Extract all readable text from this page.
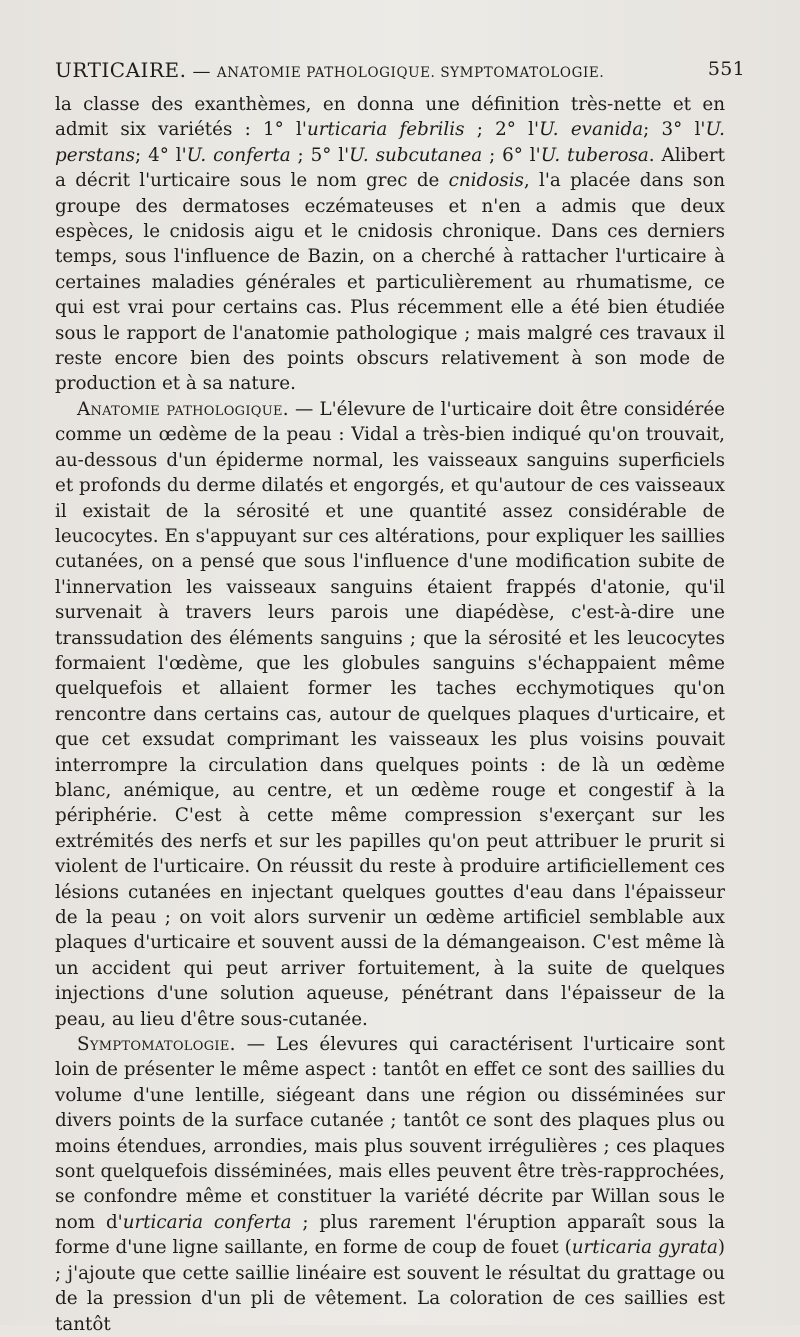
URTICAIRE. — ANATOMIE PATHOLOGIQUE. SYMPTOMATOLOGIE.	551

la classe des exanthèmes, en donna une définition très-nette et en admit six variétés : 1° l'urticaria febrilis ; 2° l'U. evanida; 3° l'U. perstans; 4° l'U. conferta ; 5° l'U. subcutanea ; 6° l'U. tuberosa. Alibert a décrit l'urticaire sous le nom grec de cnidosis, l'a placée dans son groupe des dermatoses eczémateuses et n'en a admis que deux espèces, le cnidosis aigu et le cnidosis chronique. Dans ces derniers temps, sous l'influence de Bazin, on a cherché à rattacher l'urticaire à certaines maladies générales et particulièrement au rhumatisme, ce qui est vrai pour certains cas. Plus récemment elle a été bien étudiée sous le rapport de l'anatomie pathologique ; mais malgré ces travaux il reste encore bien des points obscurs relativement à son mode de production et à sa nature.

Anatomie pathologique. — L'élevure de l'urticaire doit être considérée comme un œdème de la peau : Vidal a très-bien indiqué qu'on trouvait, au-dessous d'un épiderme normal, les vaisseaux sanguins superficiels et profonds du derme dilatés et engorgés, et qu'autour de ces vaisseaux il existait de la sérosité et une quantité assez considérable de leucocytes. En s'appuyant sur ces altérations, pour expliquer les saillies cutanées, on a pensé que sous l'influence d'une modification subite de l'innervation les vaisseaux sanguins étaient frappés d'atonie, qu'il survenait à travers leurs parois une diapédèse, c'est-à-dire une transsudation des éléments sanguins ; que la sérosité et les leucocytes formaient l'œdème, que les globules sanguins s'échappaient même quelquefois et allaient former les taches ecchymotiques qu'on rencontre dans certains cas, autour de quelques plaques d'urticaire, et que cet exsudat comprimant les vaisseaux les plus voisins pouvait interrompre la circulation dans quelques points : de là un œdème blanc, anémique, au centre, et un œdème rouge et congestif à la périphérie. C'est à cette même compression s'exerçant sur les extrémités des nerfs et sur les papilles qu'on peut attribuer le prurit si violent de l'urticaire. On réussit du reste à produire artificiellement ces lésions cutanées en injectant quelques gouttes d'eau dans l'épaisseur de la peau ; on voit alors survenir un œdème artificiel semblable aux plaques d'urticaire et souvent aussi de la démangeaison. C'est même là un accident qui peut arriver fortuitement, à la suite de quelques injections d'une solution aqueuse, pénétrant dans l'épaisseur de la peau, au lieu d'être sous-cutanée.

Symptomatologie. — Les élevures qui caractérisent l'urticaire sont loin de présenter le même aspect : tantôt en effet ce sont des saillies du volume d'une lentille, siégeant dans une région ou disséminées sur divers points de la surface cutanée ; tantôt ce sont des plaques plus ou moins étendues, arrondies, mais plus souvent irrégulières ; ces plaques sont quelquefois disséminées, mais elles peuvent être très-rapprochées, se confondre même et constituer la variété décrite par Willan sous le nom d'urticaria conferta ; plus rarement l'éruption apparaît sous la forme d'une ligne saillante, en forme de coup de fouet (urticaria gyrata) ; j'ajoute que cette saillie linéaire est souvent le résultat du grattage ou de la pression d'un pli de vêtement. La coloration de ces saillies est tantôt
